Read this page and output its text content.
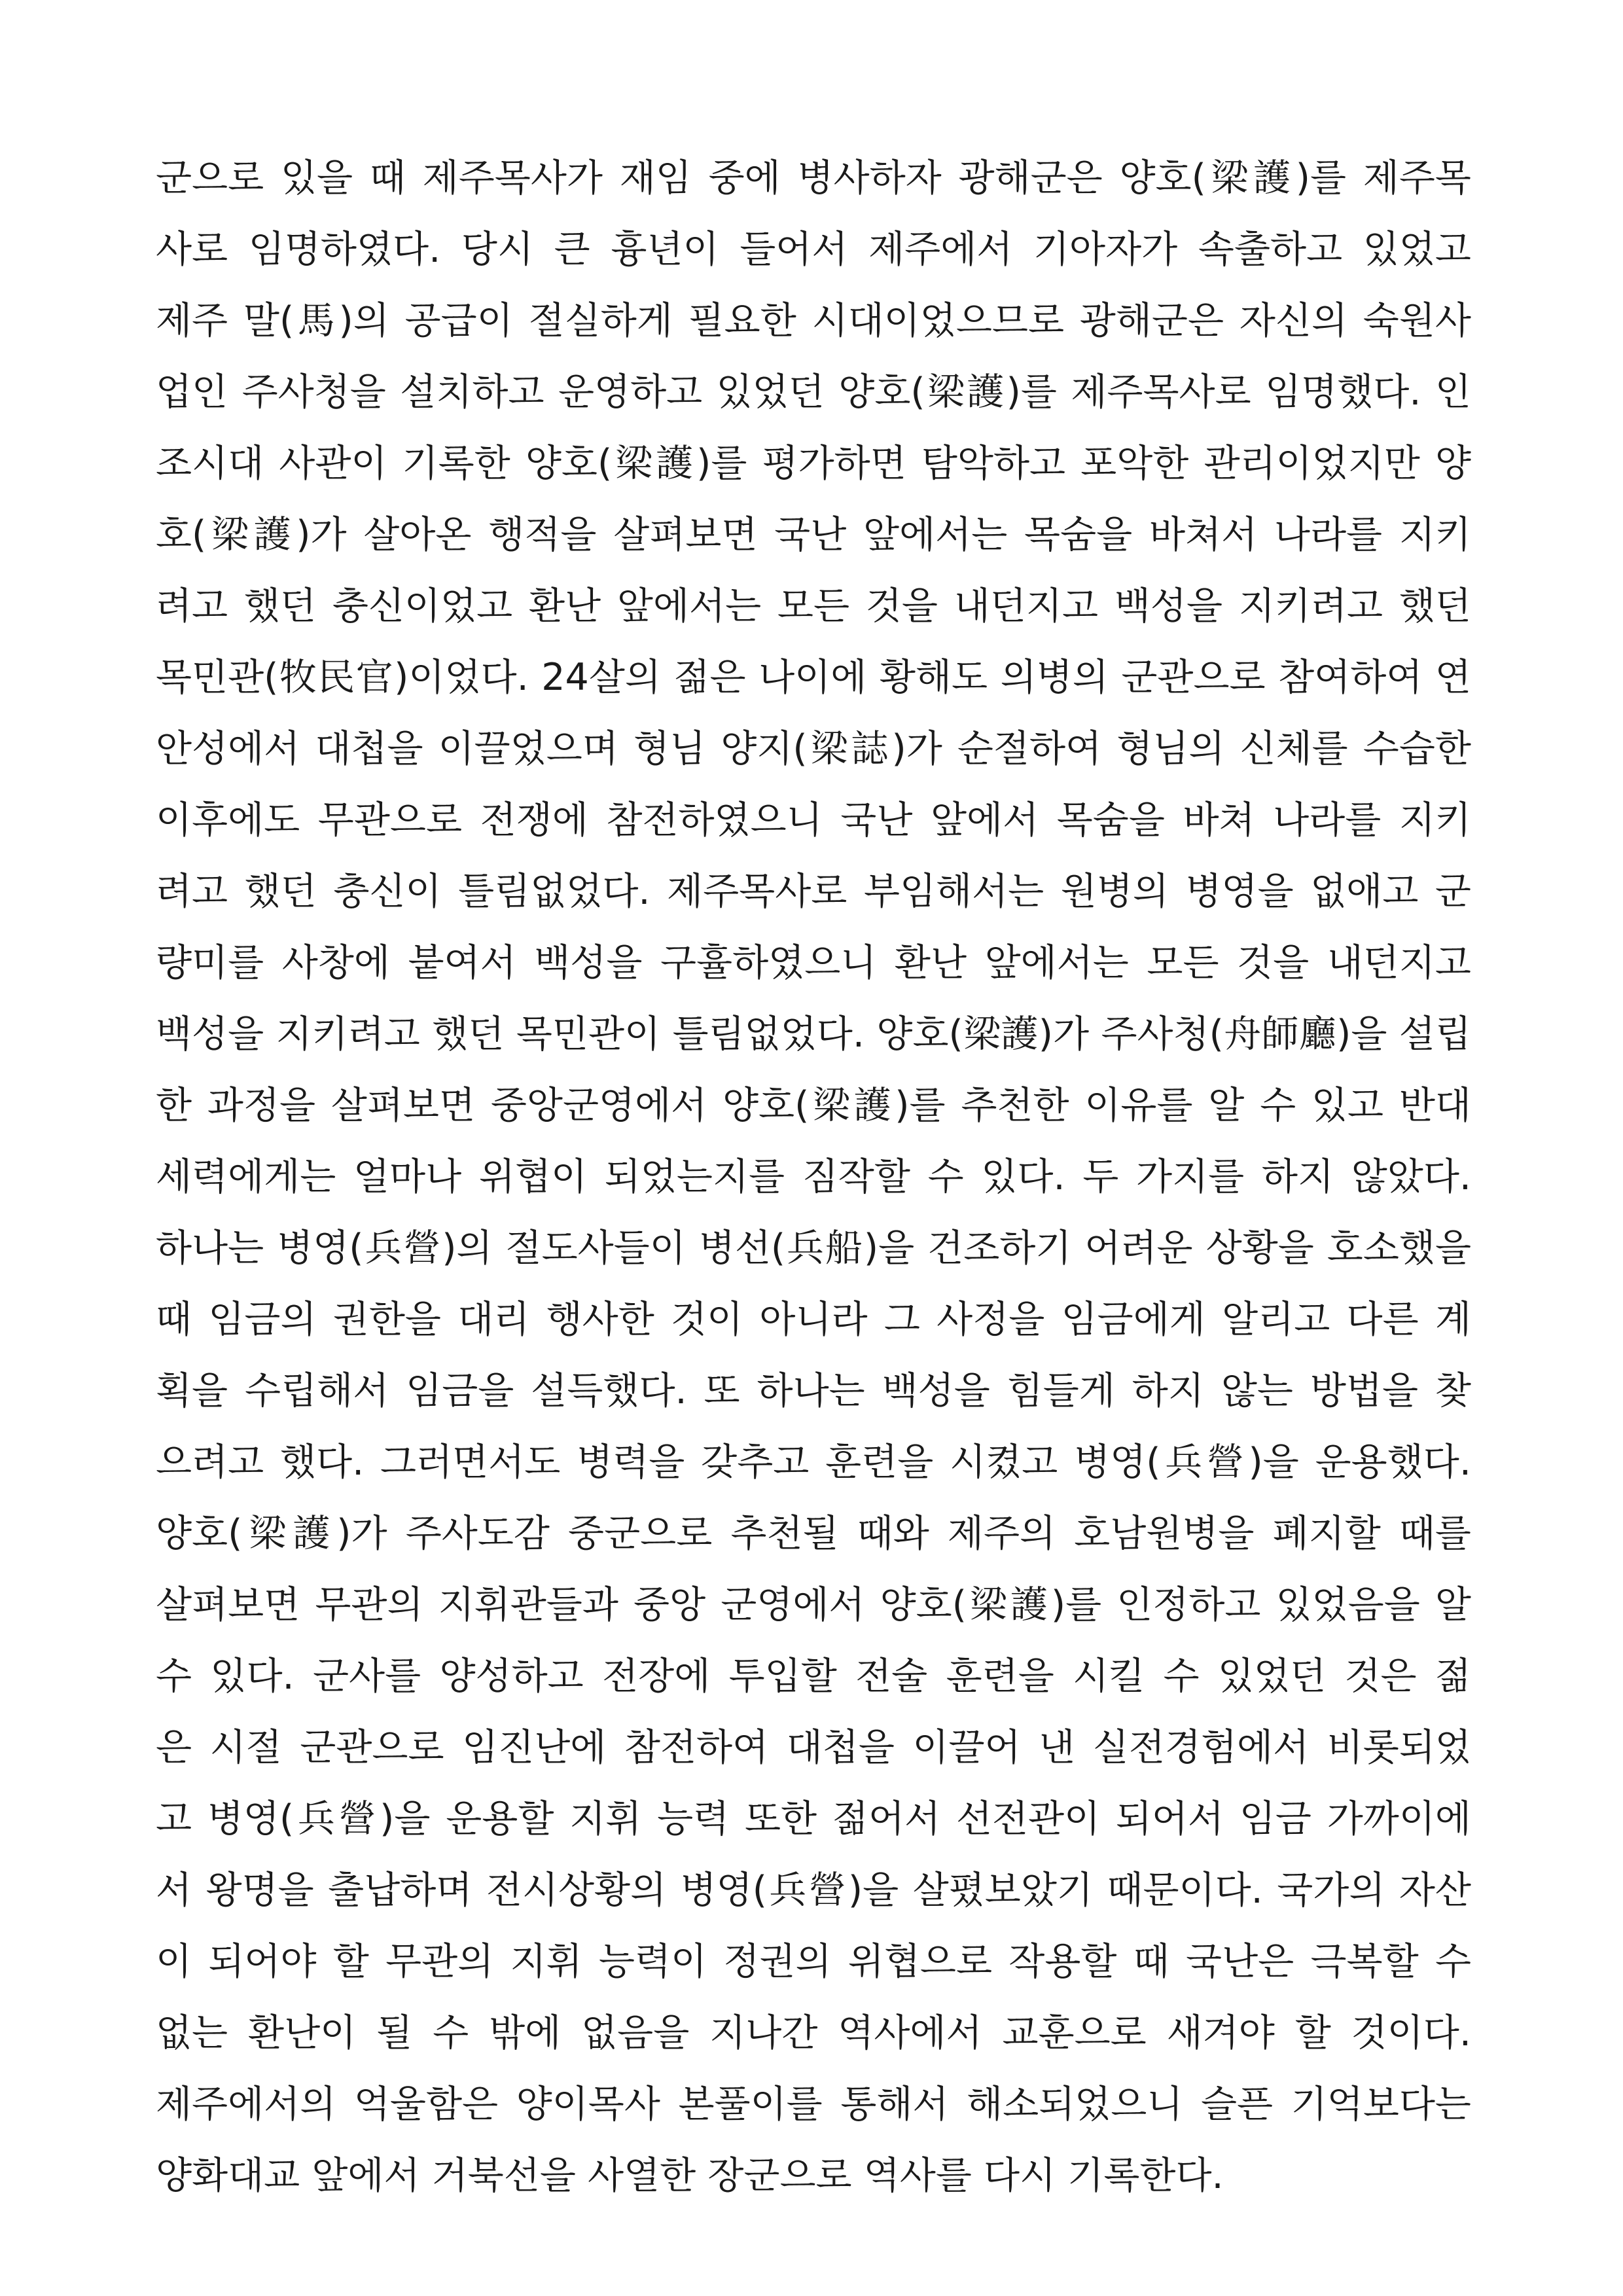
군으로 있을 때 제주목사가 재임 중에 병사하자 광해군은 양호(梁護)를 제주목
사로 임명하였다. 당시 큰 흉년이 들어서 제주에서 기아자가 속출하고 있었고
제주 말(馬)의 공급이 절실하게 필요한 시대이었으므로 광해군은 자신의 숙원사
업인 주사청을 설치하고 운영하고 있었던 양호(梁護)를 제주목사로 임명했다. 인
조시대 사관이 기록한 양호(梁護)를 평가하면 탐악하고 포악한 관리이었지만 양
호(梁護)가 살아온 행적을 살펴보면 국난 앞에서는 목숨을 바쳐서 나라를 지키
려고 했던 충신이었고 환난 앞에서는 모든 것을 내던지고 백성을 지키려고 했던
목민관(牧民官)이었다. 24살의 젊은 나이에 황해도 의병의 군관으로 참여하여 연
안성에서 대첩을 이끌었으며 형님 양지(梁誌)가 순절하여 형님의 신체를 수습한
이후에도 무관으로 전쟁에 참전하였으니 국난 앞에서 목숨을 바쳐 나라를 지키
려고 했던 충신이 틀림없었다. 제주목사로 부임해서는 원병의 병영을 없애고 군
량미를 사창에 붙여서 백성을 구휼하였으니 환난 앞에서는 모든 것을 내던지고
백성을 지키려고 했던 목민관이 틀림없었다. 양호(梁護)가 주사청(舟師廳)을 설립
한 과정을 살펴보면 중앙군영에서 양호(梁護)를 추천한 이유를 알 수 있고 반대
세력에게는 얼마나 위협이 되었는지를 짐작할 수 있다. 두 가지를 하지 않았다.
하나는 병영(兵營)의 절도사들이 병선(兵船)을 건조하기 어려운 상황을 호소했을
때 임금의 권한을 대리 행사한 것이 아니라 그 사정을 임금에게 알리고 다른 계
획을 수립해서 임금을 설득했다. 또 하나는 백성을 힘들게 하지 않는 방법을 찾
으려고 했다. 그러면서도 병력을 갖추고 훈련을 시켰고 병영(兵營)을 운용했다.
양호(梁護)가 주사도감 중군으로 추천될 때와 제주의 호남원병을 폐지할 때를
살펴보면 무관의 지휘관들과 중앙 군영에서 양호(梁護)를 인정하고 있었음을 알
수 있다. 군사를 양성하고 전장에 투입할 전술 훈련을 시킬 수 있었던 것은 젊
은 시절 군관으로 임진난에 참전하여 대첩을 이끌어 낸 실전경험에서 비롯되었
고 병영(兵營)을 운용할 지휘 능력 또한 젊어서 선전관이 되어서 임금 가까이에
서 왕명을 출납하며 전시상황의 병영(兵營)을 살폈보았기 때문이다. 국가의 자산
이 되어야 할 무관의 지휘 능력이 정권의 위협으로 작용할 때 국난은 극복할 수
없는 환난이 될 수 밖에 없음을 지나간 역사에서 교훈으로 새겨야 할 것이다.
제주에서의 억울함은 양이목사 본풀이를 통해서 해소되었으니 슬픈 기억보다는
양화대교 앞에서 거북선을 사열한 장군으로 역사를 다시 기록한다.
